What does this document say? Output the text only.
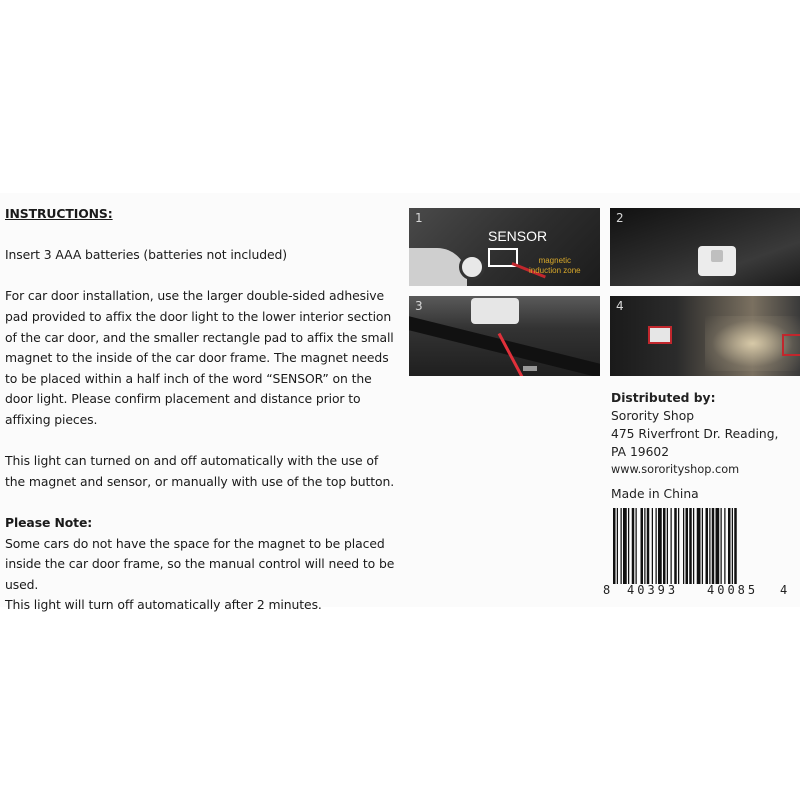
INSTRUCTIONS:

Insert 3 AAA batteries (batteries not included)

For car door installation, use the larger double-sided adhesive pad provided to affix the door light to the lower interior section of the car door, and the smaller rectangle pad to affix the small magnet to the inside of the car door frame. The magnet needs to be placed within a half inch of the word “SENSOR” on the door light. Please confirm placement and distance prior to affixing pieces.

This light can turned on and off automatically with the use of the magnet and sensor, or manually with use of the top button.

Please Note:

Some cars do not have the space for the magnet to be placed inside the car door frame, so the manual control will need to be used.

This light will turn off automatically after 2 minutes.

1
SENSOR
magnetic
induction zone
2
3	4

Distributed by:

Sorority Shop

475 Riverfront Dr. Reading,

PA 19602

www.sororityshop.com

Made in China

8 40393 40085 4
